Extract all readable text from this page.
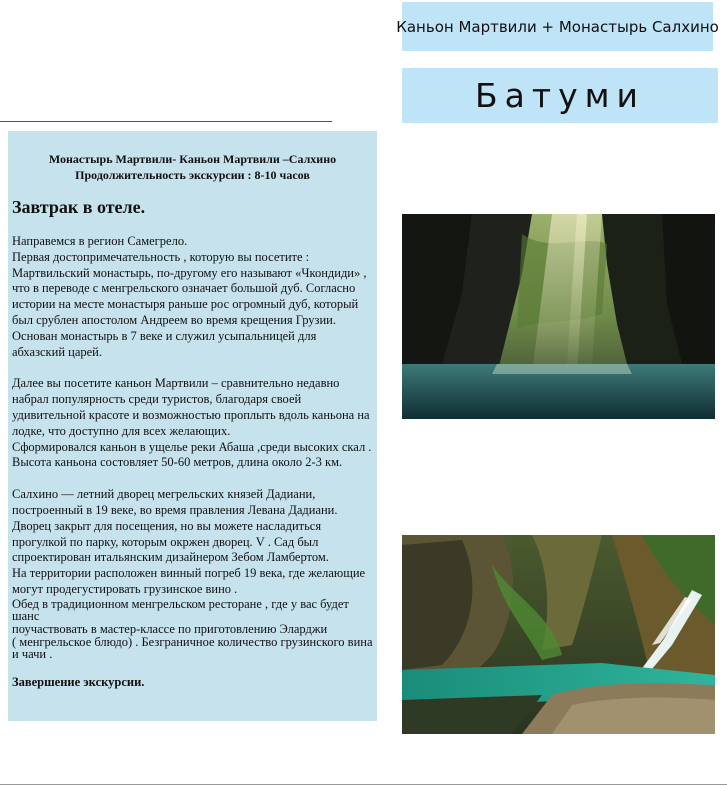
Каньон Мартвили + Монастырь Салхино
Батуми
Монастырь Мартвили- Каньон Мартвили –Салхино
Продолжительность экскурсии : 8-10 часов
Завтрак в отеле.

Направемся в регион Самегрело.

Первая достопримечательность , которую вы посетите :

Мартвильский монастырь, по-другому его называют «Чкондиди» ,

что в переводе с менгрельского означает большой дуб. Согласно

истории на месте монастыря раньше рос огромный дуб, который

был срублен апостолом Андреем во время крещения Грузии.

Основан монастырь в 7 веке и служил усыпальницей для

абхазский царей.

Далее вы посетите каньон Мартвили – сравнительно недавно

набрал популярность среди туристов, благодаря своей

удивительной красоте и возможностью проплыть вдоль каньона на

лодке, что доступно для всех желающих.

Сформировался каньон в ущелье реки Абаша ,среди высоких скал .

Высота каньона состовляет 50-60 метров, длина около 2-3 км.

Салхино — летний дворец мегрельских князей Дадиани,

построенный в 19 веке, во время правления Левана Дадиани.

Дворец закрыт для посещения, но вы можете насладиться

прогулкой по парку, которым окржен дворец. V . Сад был

спроектирован итальянским дизайнером Зебом Ламбертом.

На территории расположен винный погреб 19 века, где желающие

могут продегустировать грузинское вино .

Обед в традиционном менгрельском ресторане , где у вас будет шанс

поучаствовать в мастер-классе по приготовлению Эларджи

( менгрельское блюдо) . Безграничное количество грузинского вина

и чачи .

Завершение экскурсии.
